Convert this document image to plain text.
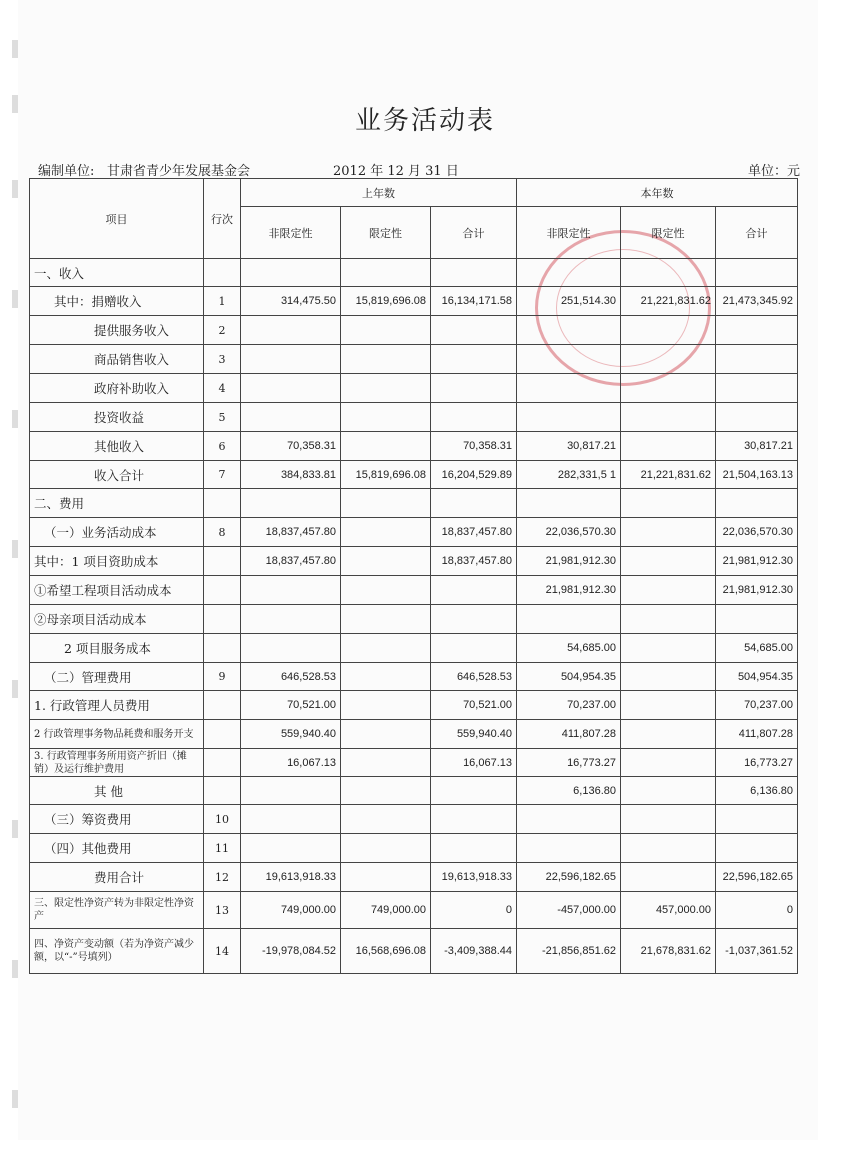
业务活动表
编制单位: 甘肃省青少年发展基金会	2012 年 12 月 31 日	单位：元
项目	行次	上年数			本年数		
		非限定性	限定性	合计	非限定性	限定性	合计
一、收入							
其中：捐赠收入	1	314,475.50	15,819,696.08	16,134,171.58	251,514.30	21,221,831.62	21,473,345.92
提供服务收入	2						
商品销售收入	3						
政府补助收入	4						
投资收益	5						
其他收入	6	70,358.31		70,358.31	30,817.21		30,817.21
收入合计	7	384,833.81	15,819,696.08	16,204,529.89	282,331,5 1	21,221,831.62	21,504,163.13
二、费用							
（一）业务活动成本	8	18,837,457.80		18,837,457.80	22,036,570.30		22,036,570.30
其中：1 项目资助成本		18,837,457.80		18,837,457.80	21,981,912.30		21,981,912.30
①希望工程项目活动成本					21,981,912.30		21,981,912.30
②母亲项目活动成本							
2 项目服务成本					54,685.00		54,685.00
（二）管理费用	9	646,528.53		646,528.53	504,954.35		504,954.35
1. 行政管理人员费用		70,521.00		70,521.00	70,237.00		70,237.00
2 行政管理事务物品耗费和服务开支		559,940.40		559,940.40	411,807.28		411,807.28
3. 行政管理事务所用资产折旧（摊销）及运行维护费用		16,067.13		16,067.13	16,773.27		16,773.27
其 他					6,136.80		6,136.80
（三）筹资费用	10						
（四）其他费用	11						
费用合计	12	19,613,918.33		19,613,918.33	22,596,182.65		22,596,182.65
三、限定性净资产转为非限定性净资产	13	749,000.00	749,000.00	0	-457,000.00	457,000.00	0
四、净资产变动额（若为净资产减少额，以“-”号填列）	14	-19,978,084.52	16,568,696.08	-3,409,388.44	-21,856,851.62	21,678,831.62	-1,037,361.52
